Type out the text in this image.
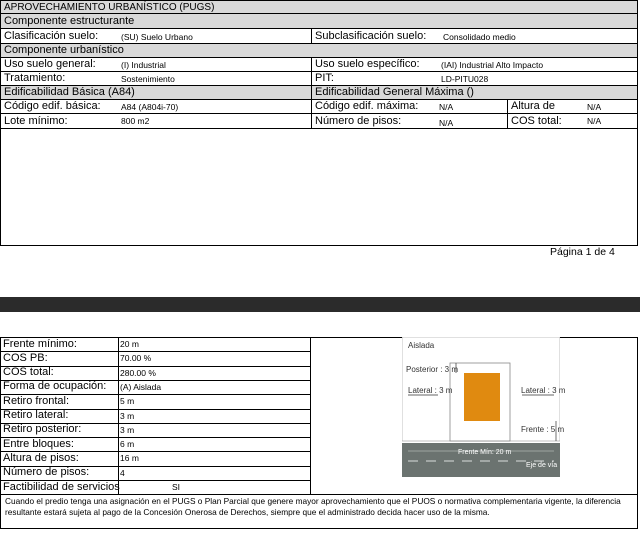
APROVECHAMIENTO URBANÍSTICO (PUGS)
Componente estructurante
Clasificación suelo:	(SU) Suelo Urbano	Subclasificación suelo: Consolidado medio
Componente urbanístico
Uso suelo general:	(I) Industrial	Uso suelo específico:	(IAI) Industrial Alto Impacto
Tratamiento:	Sostenimiento	PIT:	LD-PITU028
Edificabilidad Básica (A84)	Edificabilidad General Máxima ()
Código edif. básica: A84 (A804i-70)	Código edif. máxima: N/A	Altura de	N/A
Lote mínimo:	800 m2	Número de pisos:	N/A	COS total:	N/A
Página 1 de 4
Frente mínimo:	20 m
COS PB:	70.00 %
COS total:	280.00 %
Forma de ocupación: (A) Aislada
Retiro frontal:	5 m
Retiro lateral:	3 m
Retiro posterior:	3 m
Entre bloques:	6 m
Altura de pisos:	16 m
Número de pisos:	4
Factibilidad de servicios	SI
Aislada
Posterior : 3 m
Lateral : 3 m	Lateral : 3 m
Frente : 5 m
Frente Mín: 20 m
Eje de vía
Cuando el predio tenga una asignación en el PUGS o Plan Parcial que genere mayor aprovechamiento que el PUOS o normativa complementaria vigente, la diferencia resultante estará sujeta al pago de la Concesión Onerosa de Derechos, siempre que el administrado decida hacer uso de la misma.
